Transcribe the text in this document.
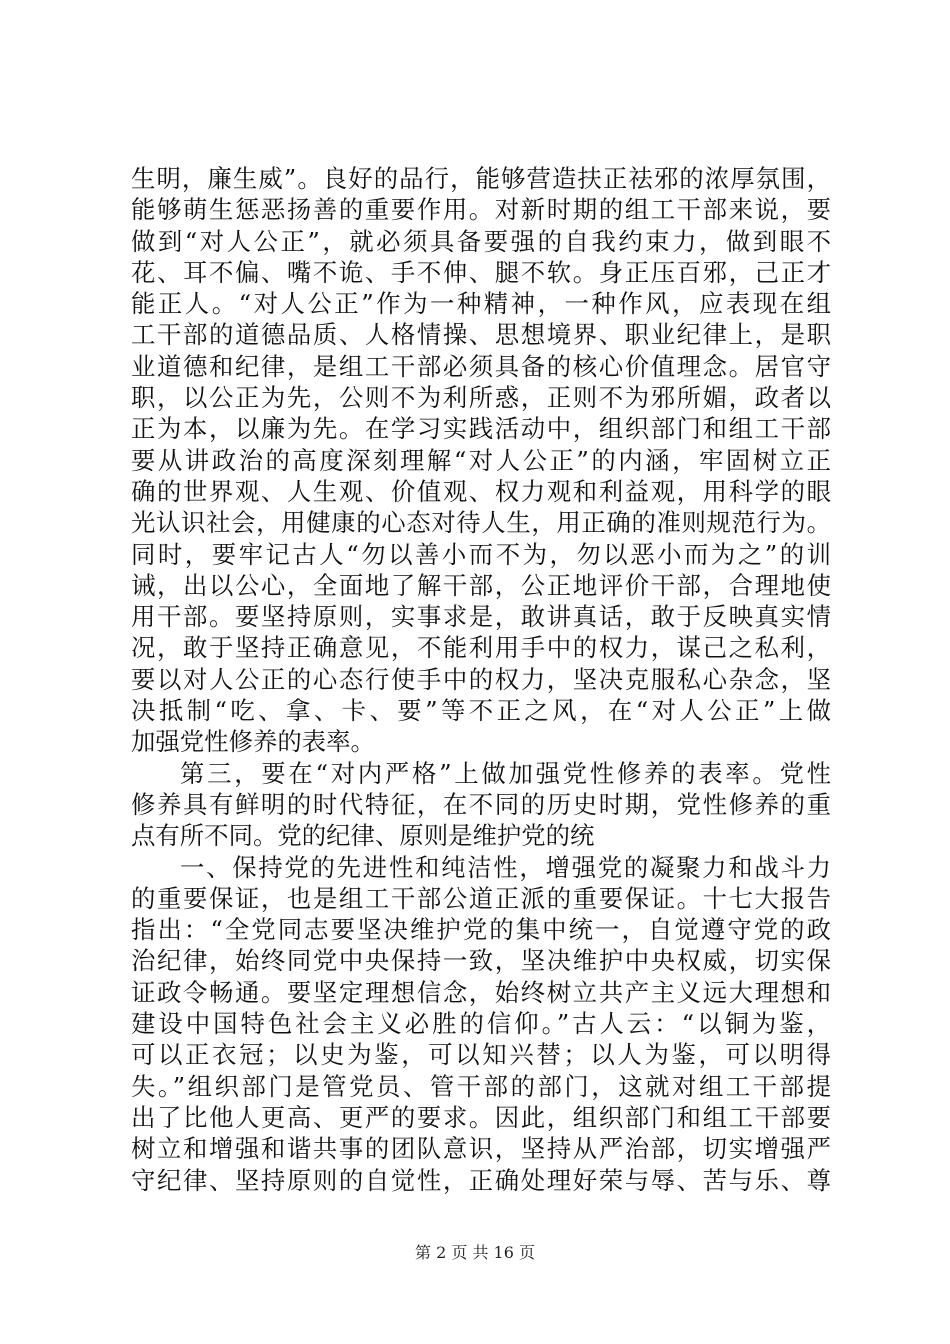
生明，廉生威”。良好的品行，能够营造扶正祛邪的浓厚氛围，
能够萌生惩恶扬善的重要作用。对新时期的组工干部来说，要
做到“对人公正”，就必须具备要强的自我约束力，做到眼不
花、耳不偏、嘴不诡、手不伸、腿不软。身正压百邪，己正才
能正人。“对人公正”作为一种精神，一种作风，应表现在组
工干部的道德品质、人格情操、思想境界、职业纪律上，是职
业道德和纪律，是组工干部必须具备的核心价值理念。居官守
职，以公正为先，公则不为利所惑，正则不为邪所媚，政者以
正为本，以廉为先。在学习实践活动中，组织部门和组工干部
要从讲政治的高度深刻理解“对人公正”的内涵，牢固树立正
确的世界观、人生观、价值观、权力观和利益观，用科学的眼
光认识社会，用健康的心态对待人生，用正确的准则规范行为。
同时，要牢记古人“勿以善小而不为，勿以恶小而为之”的训
诫，出以公心，全面地了解干部，公正地评价干部，合理地使
用干部。要坚持原则，实事求是，敢讲真话，敢于反映真实情
况，敢于坚持正确意见，不能利用手中的权力，谋己之私利，
要以对人公正的心态行使手中的权力，坚决克服私心杂念，坚
决抵制“吃、拿、卡、要”等不正之风，在“对人公正”上做
加强党性修养的表率。
第三，要在“对内严格”上做加强党性修养的表率。党性
修养具有鲜明的时代特征，在不同的历史时期，党性修养的重
点有所不同。党的纪律、原则是维护党的统
一、保持党的先进性和纯洁性，增强党的凝聚力和战斗力
的重要保证，也是组工干部公道正派的重要保证。十七大报告
指出：“全党同志要坚决维护党的集中统一，自觉遵守党的政
治纪律，始终同党中央保持一致，坚决维护中央权威，切实保
证政令畅通。要坚定理想信念，始终树立共产主义远大理想和
建设中国特色社会主义必胜的信仰。”古人云：“以铜为鉴，
可以正衣冠；以史为鉴，可以知兴替；以人为鉴，可以明得
失。”组织部门是管党员、管干部的部门，这就对组工干部提
出了比他人更高、更严的要求。因此，组织部门和组工干部要
树立和增强和谐共事的团队意识，坚持从严治部，切实增强严
守纪律、坚持原则的自觉性，正确处理好荣与辱、苦与乐、尊
第 2 页 共 16 页
